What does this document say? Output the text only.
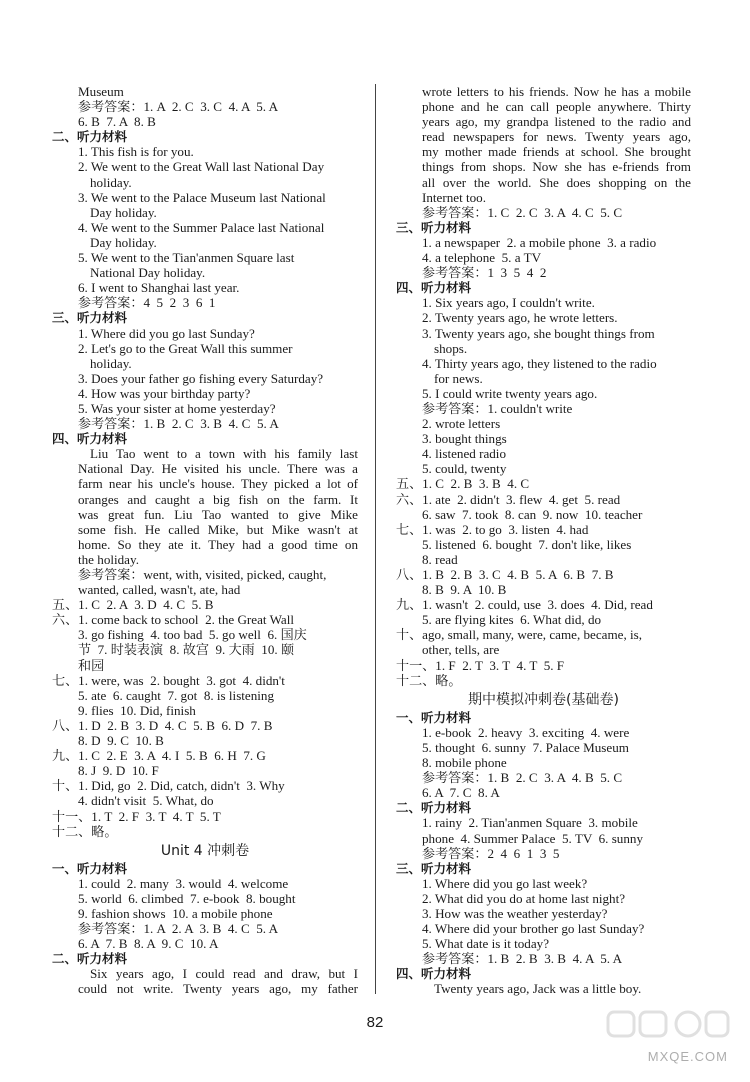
Museum
参考答案：1. A  2. C  3. C  4. A  5. A
6. B  7. A  8. B
二、听力材料
1. This fish is for you.
2. We went to the Great Wall last National Day
holiday.
3. We went to the Palace Museum last National
Day holiday.
4. We went to the Summer Palace last National
Day holiday.
5. We went to the Tian'anmen Square last
National Day holiday.
6. I went to Shanghai last year.
参考答案：4  5  2  3  6  1
三、听力材料
1. Where did you go last Sunday?
2. Let's go to the Great Wall this summer
holiday.
3. Does your father go fishing every Saturday?
4. How was your birthday party?
5. Was your sister at home yesterday?
参考答案：1. B  2. C  3. B  4. C  5. A
四、听力材料
Liu Tao went to a town with his family last
National Day. He visited his uncle. There was a
farm near his uncle's house. They picked a lot of
oranges and caught a big fish on the farm. It
was great fun. Liu Tao wanted to give Mike
some fish. He called Mike, but Mike wasn't at
home. So they ate it. They had a good time on
the holiday.
参考答案：went, with, visited, picked, caught,
wanted, called, wasn't, ate, had
五、1. C  2. A  3. D  4. C  5. B
六、1. come back to school  2. the Great Wall
3. go fishing  4. too bad  5. go well  6. 国庆
节  7. 时装表演  8. 故宫  9. 大雨  10. 颐
和园
七、1. were, was  2. bought  3. got  4. didn't
5. ate  6. caught  7. got  8. is listening
9. flies  10. Did, finish
八、1. D  2. B  3. D  4. C  5. B  6. D  7. B
8. D  9. C  10. B
九、1. C  2. E  3. A  4. I  5. B  6. H  7. G
8. J  9. D  10. F
十、1. Did, go  2. Did, catch, didn't  3. Why
4. didn't visit  5. What, do
十一、1. T  2. F  3. T  4. T  5. T
十二、略。
Unit 4 冲刺卷
一、听力材料
1. could  2. many  3. would  4. welcome
5. world  6. climbed  7. e-book  8. bought
9. fashion shows  10. a mobile phone
参考答案：1. A  2. A  3. B  4. C  5. A
6. A  7. B  8. A  9. C  10. A
二、听力材料
Six years ago, I could read and draw, but I
could not write. Twenty years ago, my father
wrote letters to his friends. Now he has a mobile
phone and he can call people anywhere. Thirty
years ago, my grandpa listened to the radio and
read newspapers for news. Twenty years ago,
my mother made friends at school. She brought
things from shops. Now she has e-friends from
all over the world. She does shopping on the
Internet too.
参考答案：1. C  2. C  3. A  4. C  5. C
三、听力材料
1. a newspaper  2. a mobile phone  3. a radio
4. a telephone  5. a TV
参考答案：1  3  5  4  2
四、听力材料
1. Six years ago, I couldn't write.
2. Twenty years ago, he wrote letters.
3. Twenty years ago, she bought things from
shops.
4. Thirty years ago, they listened to the radio
for news.
5. I could write twenty years ago.
参考答案：1. couldn't write
2. wrote letters
3. bought things
4. listened radio
5. could, twenty
五、1. C  2. B  3. B  4. C
六、1. ate  2. didn't  3. flew  4. get  5. read
6. saw  7. took  8. can  9. now  10. teacher
七、1. was  2. to go  3. listen  4. had
5. listened  6. bought  7. don't like, likes
8. read
八、1. B  2. B  3. C  4. B  5. A  6. B  7. B
8. B  9. A  10. B
九、1. wasn't  2. could, use  3. does  4. Did, read
5. are flying kites  6. What did, do
十、ago, small, many, were, came, became, is,
other, tells, are
十一、1. F  2. T  3. T  4. T  5. F
十二、略。
期中模拟冲刺卷(基础卷)
一、听力材料
1. e-book  2. heavy  3. exciting  4. were
5. thought  6. sunny  7. Palace Museum
8. mobile phone
参考答案：1. B  2. C  3. A  4. B  5. C
6. A  7. C  8. A
二、听力材料
1. rainy  2. Tian'anmen Square  3. mobile
phone  4. Summer Palace  5. TV  6. sunny
参考答案：2  4  6  1  3  5
三、听力材料
1. Where did you go last week?
2. What did you do at home last night?
3. How was the weather yesterday?
4. Where did your brother go last Sunday?
5. What date is it today?
参考答案：1. B  2. B  3. B  4. A  5. A
四、听力材料
Twenty years ago, Jack was a little boy.
82
MXQE.COM
